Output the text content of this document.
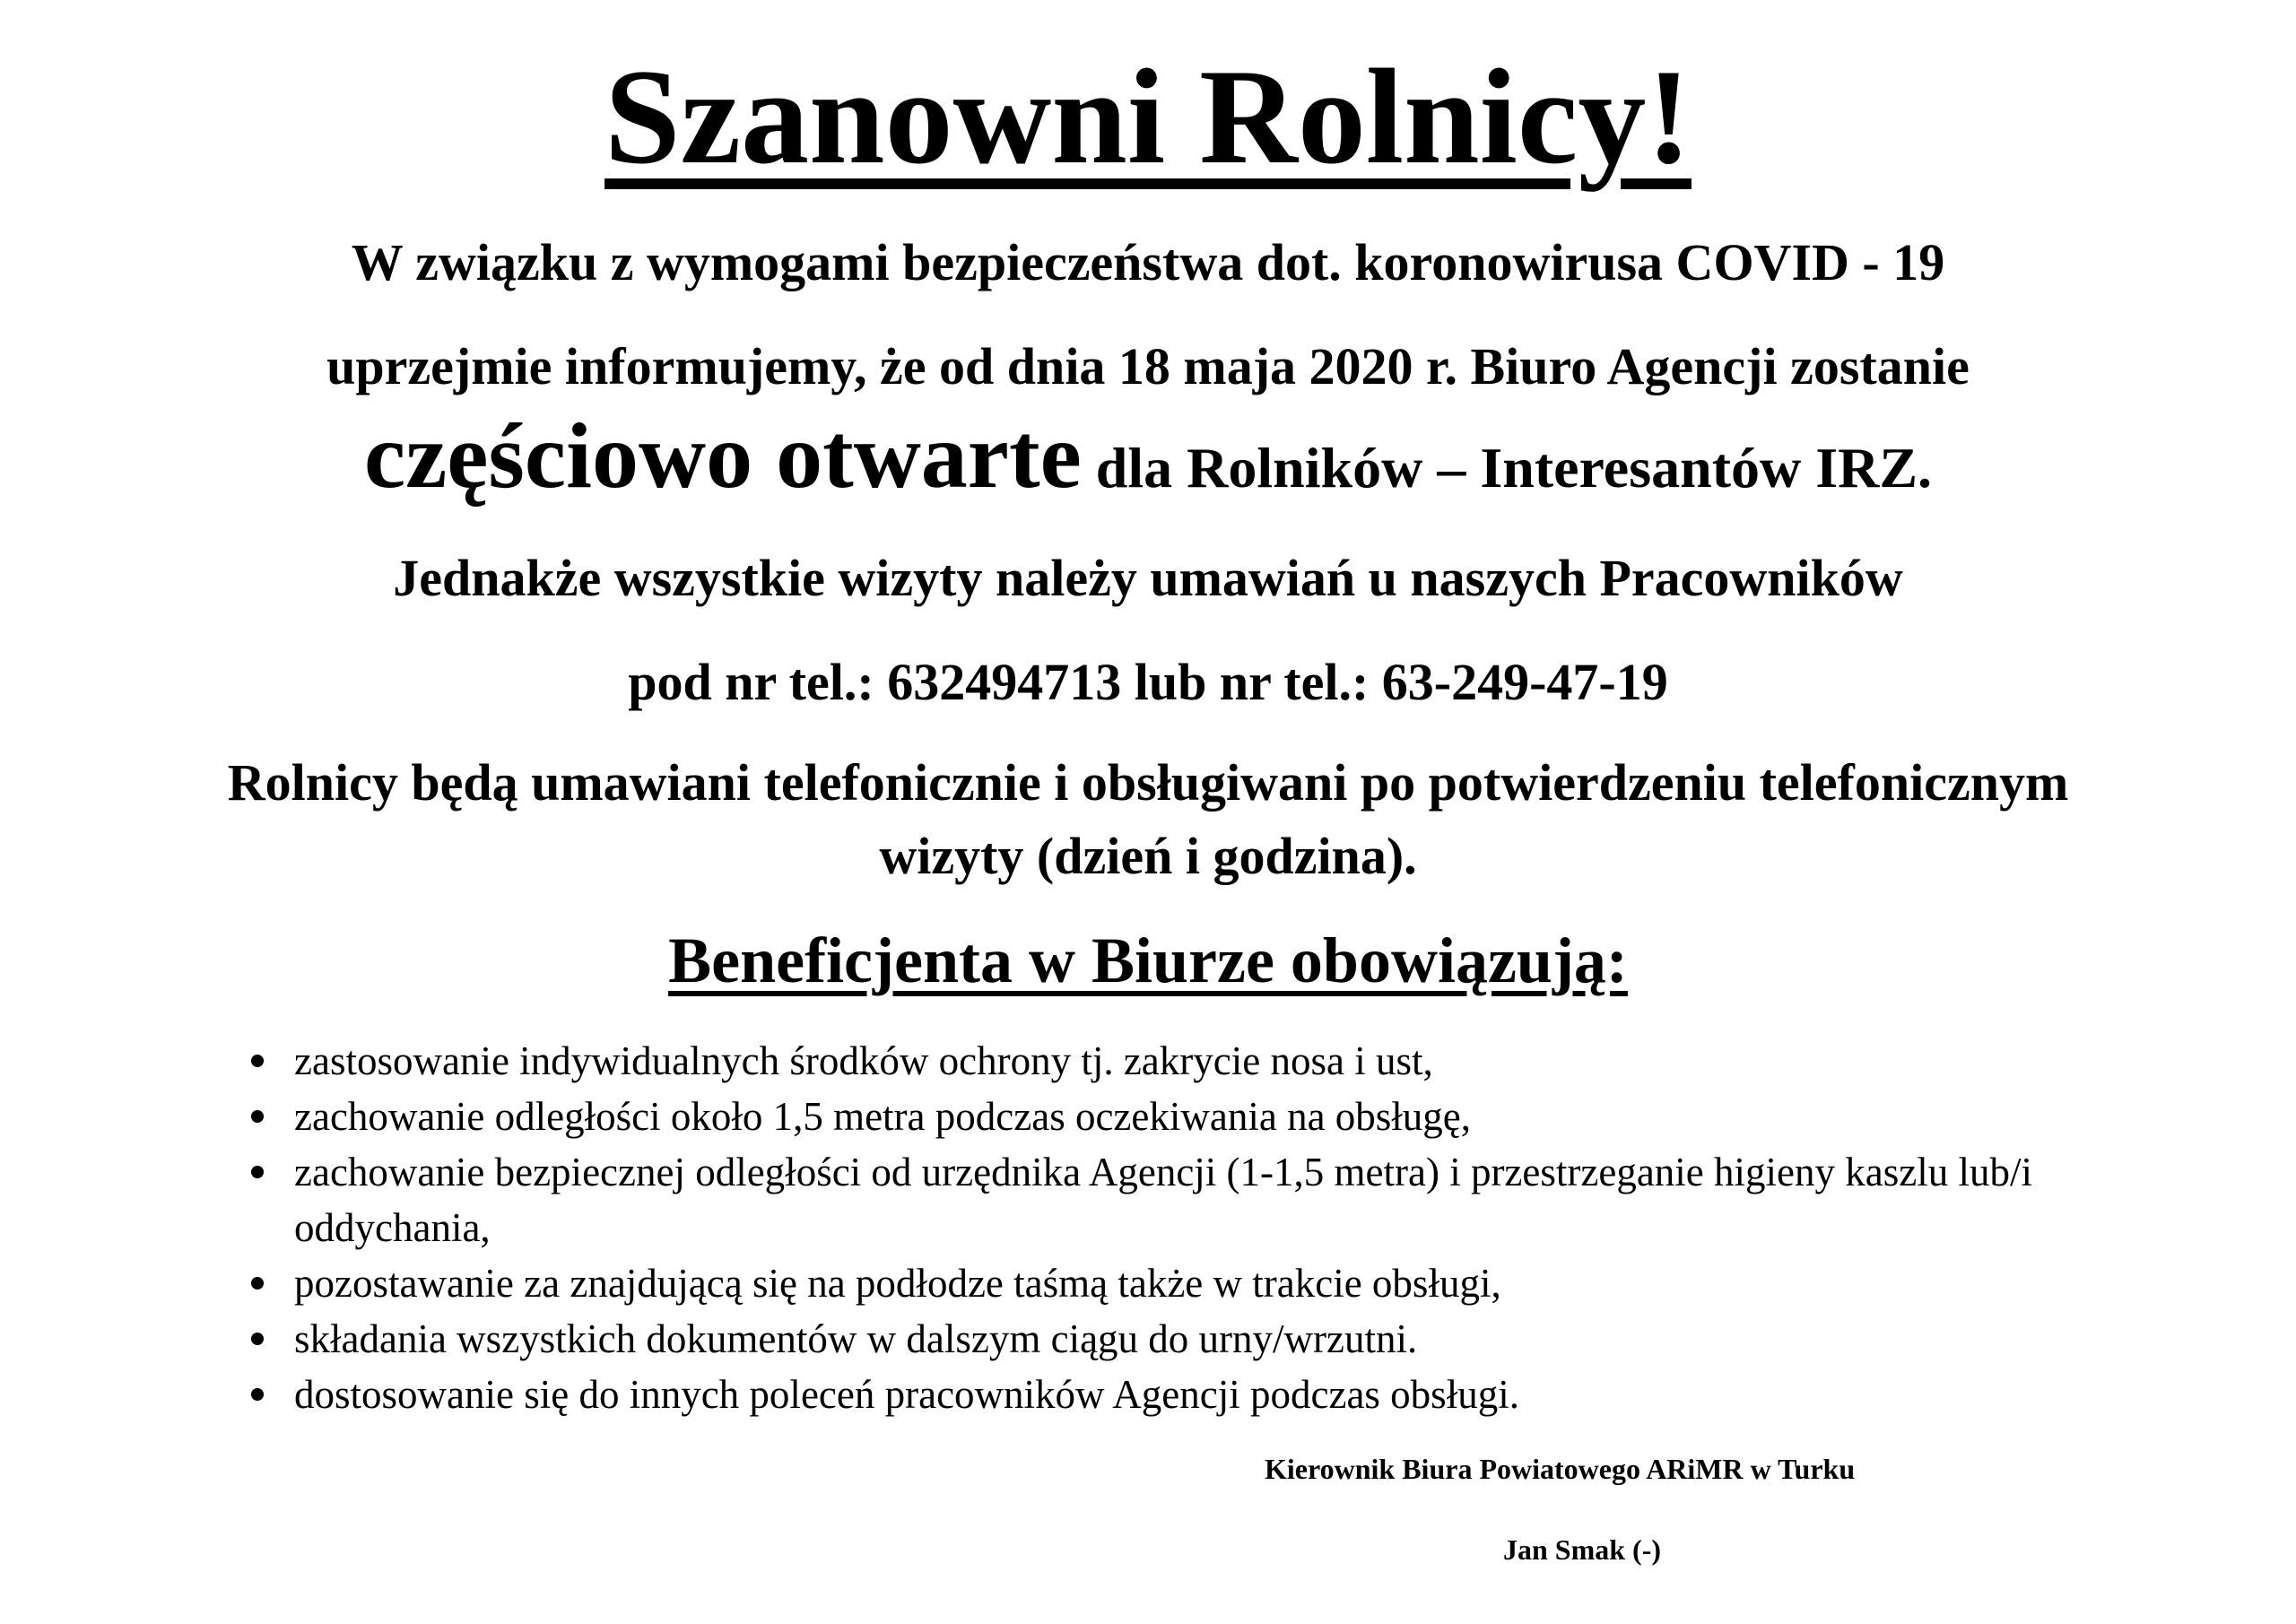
Szanowni Rolnicy!

W związku z wymogami bezpieczeństwa dot. koronowirusa COVID - 19

uprzejmie informujemy, że od dnia 18 maja 2020 r. Biuro Agencji zostanie

częściowo otwarte dla Rolników – Interesantów IRZ.

Jednakże wszystkie wizyty należy umawiań u naszych Pracowników

pod nr tel.: 632494713 lub nr tel.: 63-249-47-19

Rolnicy będą umawiani telefonicznie i obsługiwani po potwierdzeniu telefonicznym

wizyty (dzień i godzina).

Beneficjenta w Biurze obowiązują:
zastosowanie indywidualnych środków ochrony tj. zakrycie nosa i ust,
zachowanie odległości około 1,5 metra podczas oczekiwania na obsługę,
zachowanie bezpiecznej odległości od urzędnika Agencji (1-1,5 metra) i przestrzeganie higieny kaszlu lub/i oddychania,
pozostawanie za znajdującą się na podłodze taśmą także w trakcie obsługi,
składania wszystkich dokumentów w dalszym ciągu do urny/wrzutni.
dostosowanie się do innych poleceń pracowników Agencji podczas obsługi.

Kierownik Biura Powiatowego ARiMR w Turku

Jan Smak (-)
